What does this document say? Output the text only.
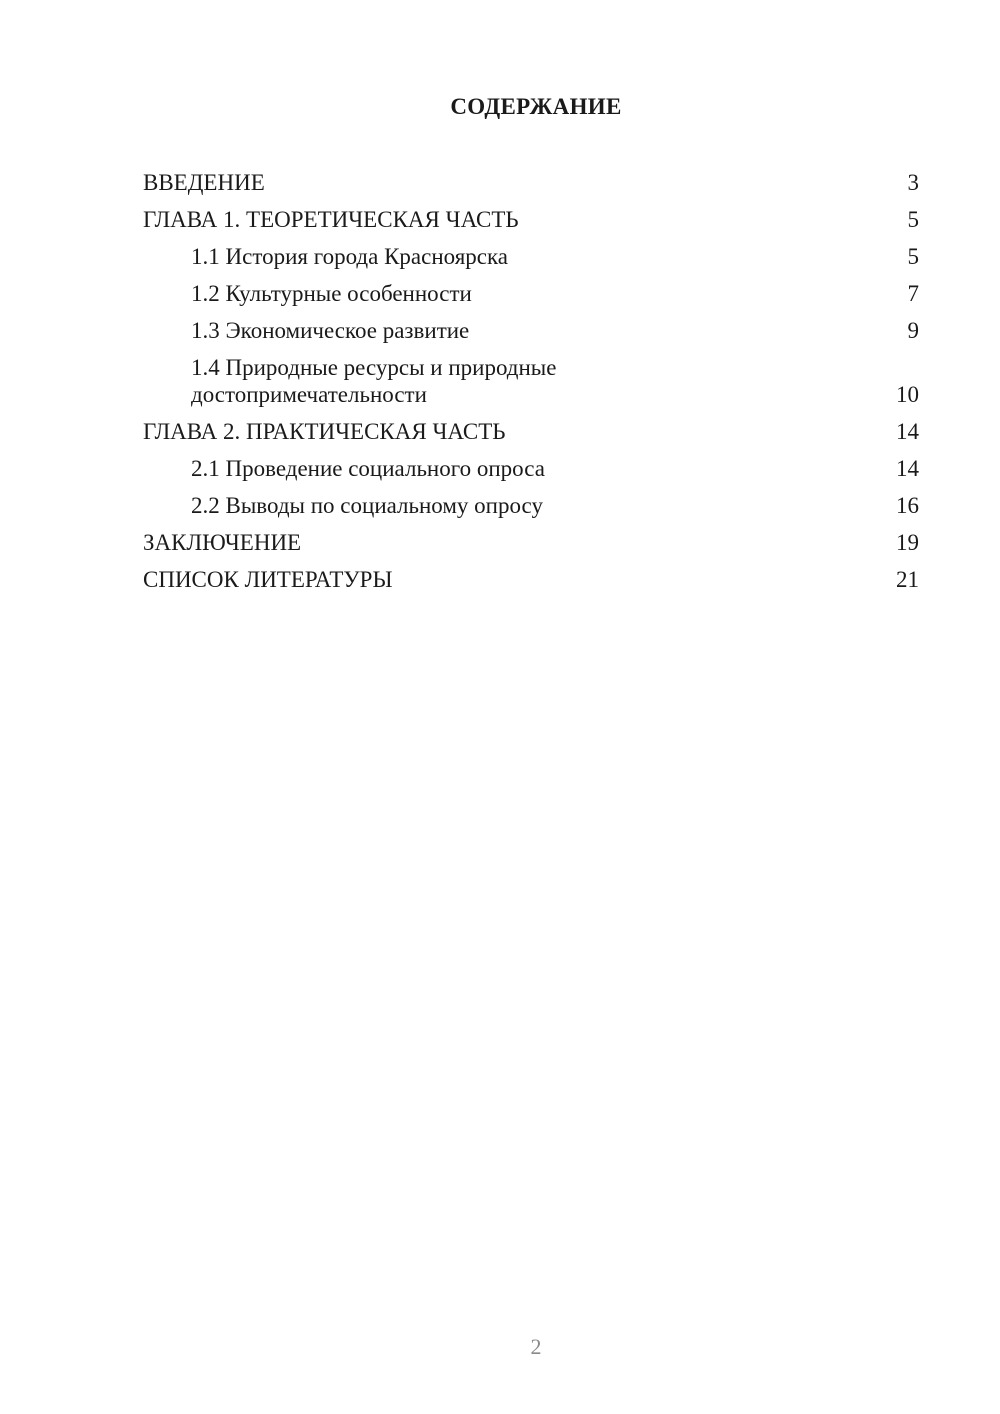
СОДЕРЖАНИЕ
ВВЕДЕНИЕ	3
ГЛАВА 1. ТЕОРЕТИЧЕСКАЯ ЧАСТЬ	5
1.1 История города Красноярска	5
1.2 Культурные особенности	7
1.3 Экономическое развитие	9
1.4 Природные ресурсы и природные достопримечательности	10
ГЛАВА 2. ПРАКТИЧЕСКАЯ ЧАСТЬ	14
2.1 Проведение социального опроса	14
2.2 Выводы по социальному опросу	16
ЗАКЛЮЧЕНИЕ	19
СПИСОК ЛИТЕРАТУРЫ	21
2
